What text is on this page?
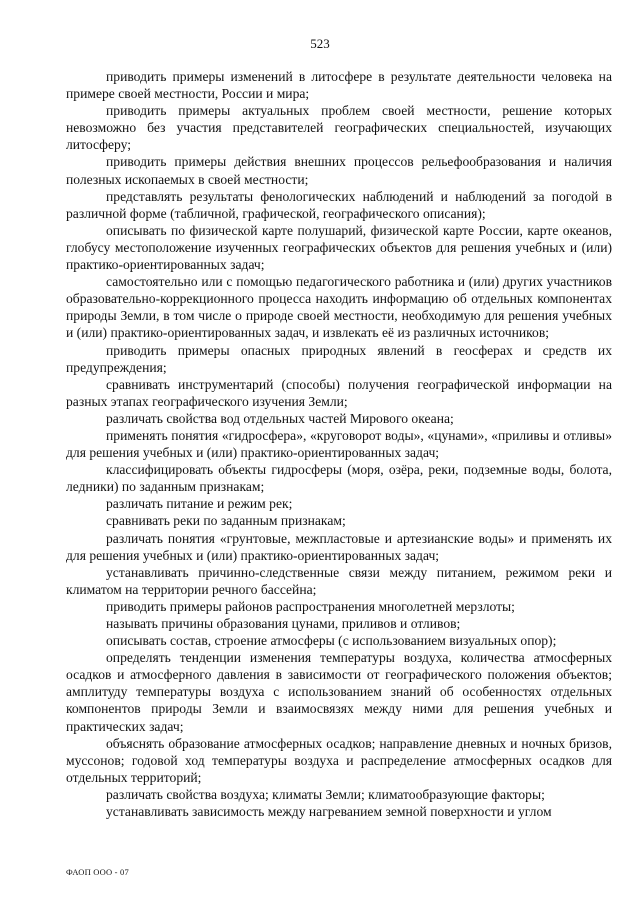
523

приводить примеры изменений в литосфере в результате деятельности человека на примере своей местности, России и мира;

приводить примеры актуальных проблем своей местности, решение которых невозможно без участия представителей географических специальностей, изучающих литосферу;

приводить примеры действия внешних процессов рельефообразования и наличия полезных ископаемых в своей местности;

представлять результаты фенологических наблюдений и наблюдений за погодой в различной форме (табличной, графической, географического описания);

описывать по физической карте полушарий, физической карте России, карте океанов, глобусу местоположение изученных географических объектов для решения учебных и (или) практико-ориентированных задач;

самостоятельно или с помощью педагогического работника и (или) других участников образовательно-коррекционного процесса находить информацию об отдельных компонентах природы Земли, в том числе о природе своей местности, необходимую для решения учебных и (или) практико-ориентированных задач, и извлекать её из различных источников;

приводить примеры опасных природных явлений в геосферах и средств их предупреждения;

сравнивать инструментарий (способы) получения географической информации на разных этапах географического изучения Земли;

различать свойства вод отдельных частей Мирового океана;

применять понятия «гидросфера», «круговорот воды», «цунами», «приливы и отливы» для решения учебных и (или) практико-ориентированных задач;

классифицировать объекты гидросферы (моря, озёра, реки, подземные воды, болота, ледники) по заданным признакам;

различать питание и режим рек;

сравнивать реки по заданным признакам;

различать понятия «грунтовые, межпластовые и артезианские воды» и применять их для решения учебных и (или) практико-ориентированных задач;

устанавливать причинно-следственные связи между питанием, режимом реки и климатом на территории речного бассейна;

приводить примеры районов распространения многолетней мерзлоты;

называть причины образования цунами, приливов и отливов;

описывать состав, строение атмосферы (с использованием визуальных опор);

определять тенденции изменения температуры воздуха, количества атмосферных осадков и атмосферного давления в зависимости от географического положения объектов; амплитуду температуры воздуха с использованием знаний об особенностях отдельных компонентов природы Земли и взаимосвязях между ними для решения учебных и практических задач;

объяснять образование атмосферных осадков; направление дневных и ночных бризов, муссонов; годовой ход температуры воздуха и распределение атмосферных осадков для отдельных территорий;

различать свойства воздуха; климаты Земли; климатообразующие факторы;

устанавливать зависимость между нагреванием земной поверхности и углом

ФАОП ООО - 07
